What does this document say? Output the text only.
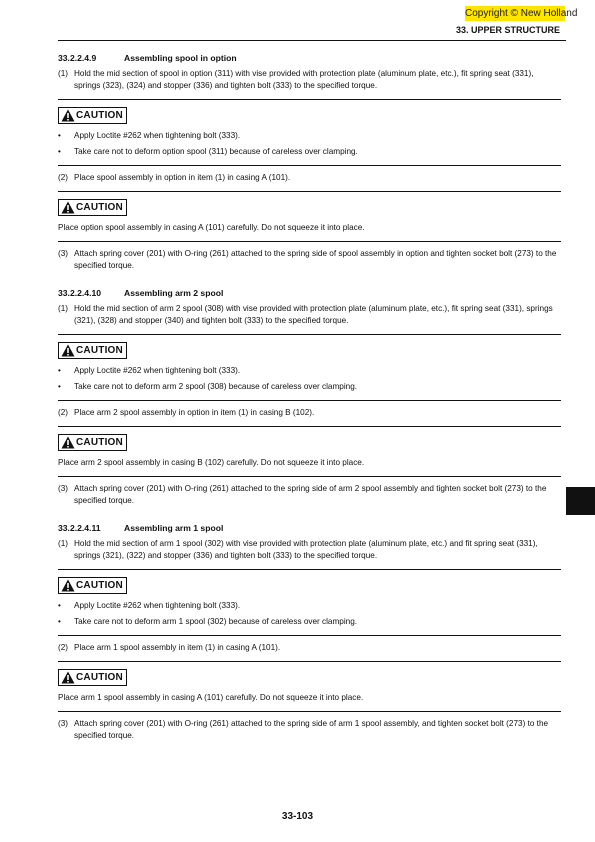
Copyright © New Holland
33. UPPER STRUCTURE
33.2.2.4.9	Assembling spool in option
(1) Hold the mid section of spool in option (311) with vise provided with protection plate (aluminum plate, etc.), fit spring seat (331), springs (323), (324) and stopper (336) and tighten bolt (333) to the specified torque.
CAUTION
•	Apply Loctite #262 when tightening bolt (333).
•	Take care not to deform option spool (311) because of careless over clamping.
(2) Place spool assembly in option in item (1) in casing A (101).
CAUTION
Place option spool assembly in casing A (101) carefully. Do not squeeze it into place.
(3) Attach spring cover (201) with O-ring (261) attached to the spring side of spool assembly in option and tighten socket bolt (273) to the specified torque.
33.2.2.4.10	Assembling arm 2 spool
(1) Hold the mid section of arm 2 spool (308) with vise provided with protection plate (aluminum plate, etc.), fit spring seat (331), springs (321), (328) and stopper (340) and tighten bolt (333) to the specified torque.
CAUTION
•	Apply Loctite #262 when tightening bolt (333).
•	Take care not to deform arm 2 spool (308) because of careless over clamping.
(2) Place arm 2 spool assembly in option in item (1) in casing B (102).
CAUTION
Place arm 2 spool assembly in casing B (102) carefully. Do not squeeze it into place.
(3) Attach spring cover (201) with O-ring (261) attached to the spring side of arm 2 spool assembly and tighten socket bolt (273) to the specified torque.
33.2.2.4.11	Assembling arm 1 spool
(1) Hold the mid section of arm 1 spool (302) with vise provided with protection plate (aluminum plate, etc.) and fit spring seat (331), springs (321), (322) and stopper (336) and tighten bolt (333) to the specified torque.
CAUTION
•	Apply Loctite #262 when tightening bolt (333).
•	Take care not to deform arm 1 spool (302) because of careless over clamping.
(2) Place arm 1 spool assembly in item (1) in casing A (101).
CAUTION
Place arm 1 spool assembly in casing A (101) carefully. Do not squeeze it into place.
(3) Attach spring cover (201) with O-ring (261) attached to the spring side of arm 1 spool assembly, and tighten socket bolt (273) to the specified torque.
33-103
